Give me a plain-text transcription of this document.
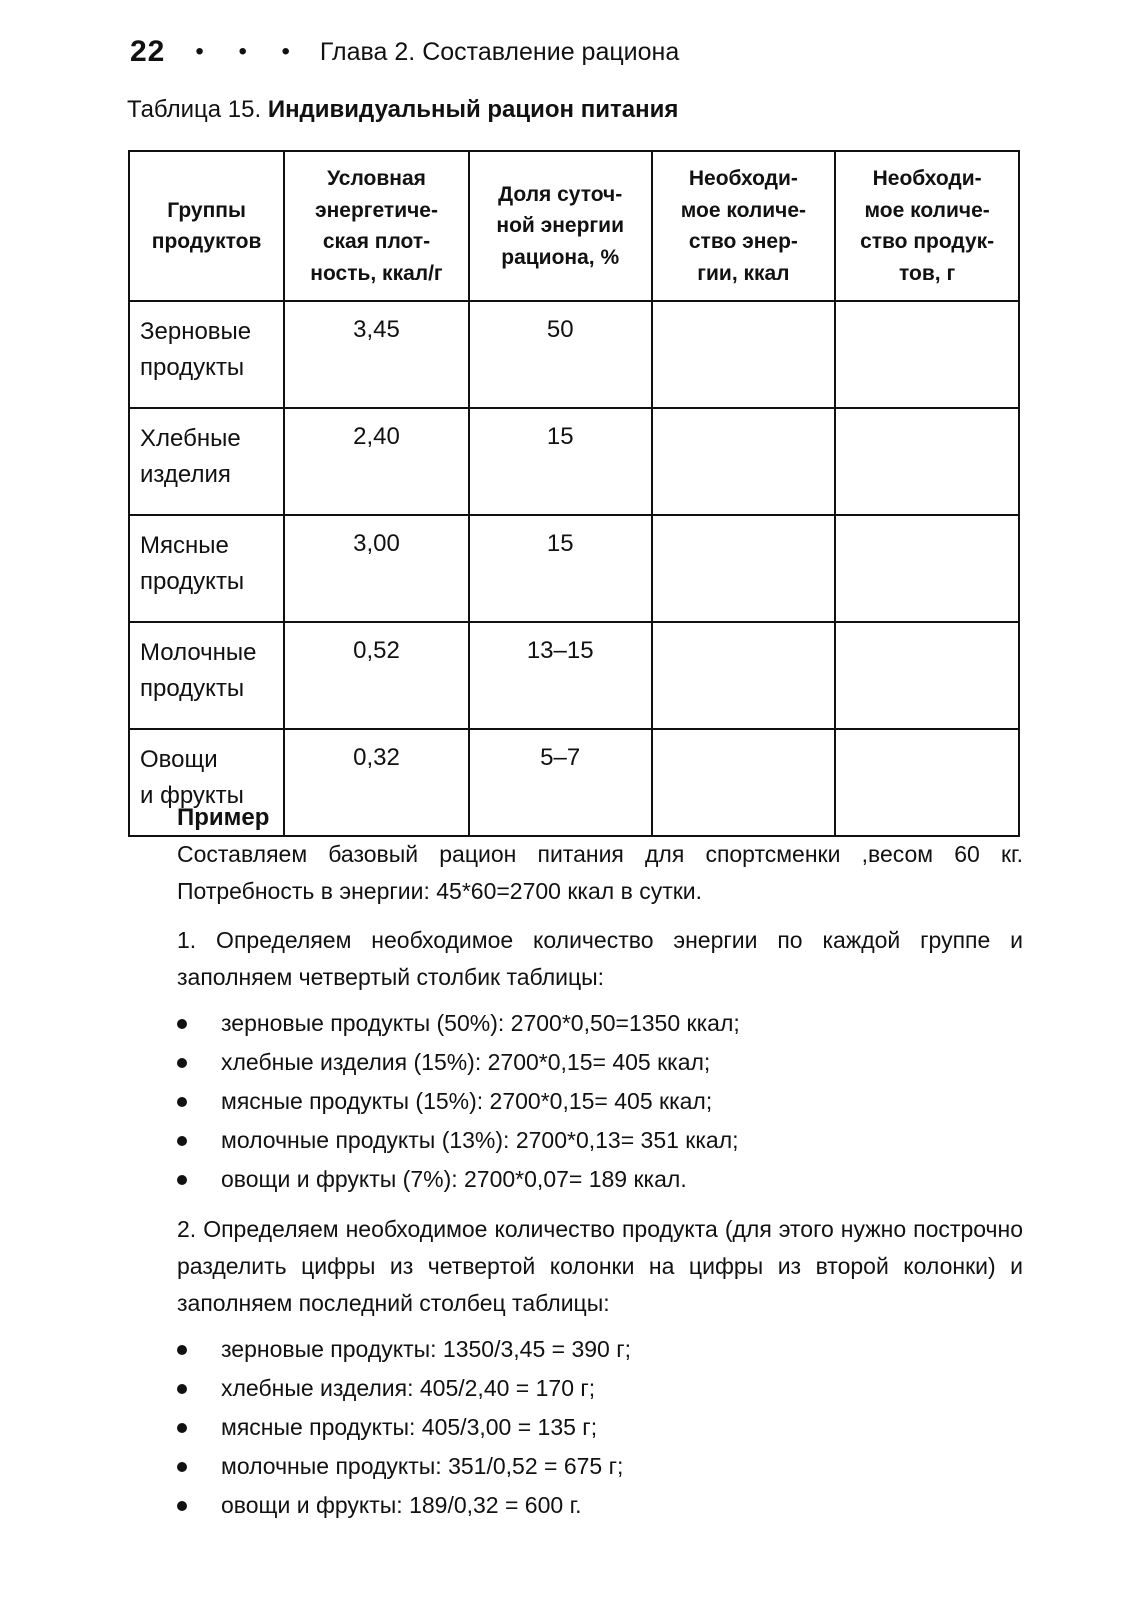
22 • • • Глава 2. Составление рациона
Таблица 15. Индивидуальный рацион питания
Группы
продуктов	Условная
энергетиче-
ская плот-
ность, ккал/г	Доля суточ-
ной энергии
рациона, %	Необходи-
мое количе-
ство энер-
гии, ккал	Необходи-
мое количе-
ство продук-
тов, г

Зерновые
продукты	3,45	50		

Хлебные
изделия	2,40	15		

Мясные
продукты	3,00	15		

Молочные
продукты	0,52	13–15		

Овощи
и фрукты	0,32	5–7		
Пример

Составляем базовый рацион питания для спортсменки ,весом 60 кг. Потребность в энергии: 45*60=2700 ккал в сутки.

1. Определяем необходимое количество энергии по каждой группе и заполняем четвертый столбик таблицы:

зерновые продукты (50%): 2700*0,50=1350 ккал;
хлебные изделия (15%): 2700*0,15= 405 ккал;
мясные продукты (15%): 2700*0,15= 405 ккал;
молочные продукты (13%): 2700*0,13= 351 ккал;
овощи и фрукты (7%): 2700*0,07= 189 ккал.

2. Определяем необходимое количество продукта (для этого нужно построчно разделить цифры из четвертой колонки на цифры из второй колонки) и заполняем последний столбец таблицы:

зерновые продукты: 1350/3,45 = 390 г;
хлебные изделия: 405/2,40 = 170 г;
мясные продукты: 405/3,00 = 135 г;
молочные продукты: 351/0,52 = 675 г;
овощи и фрукты: 189/0,32 = 600 г.
